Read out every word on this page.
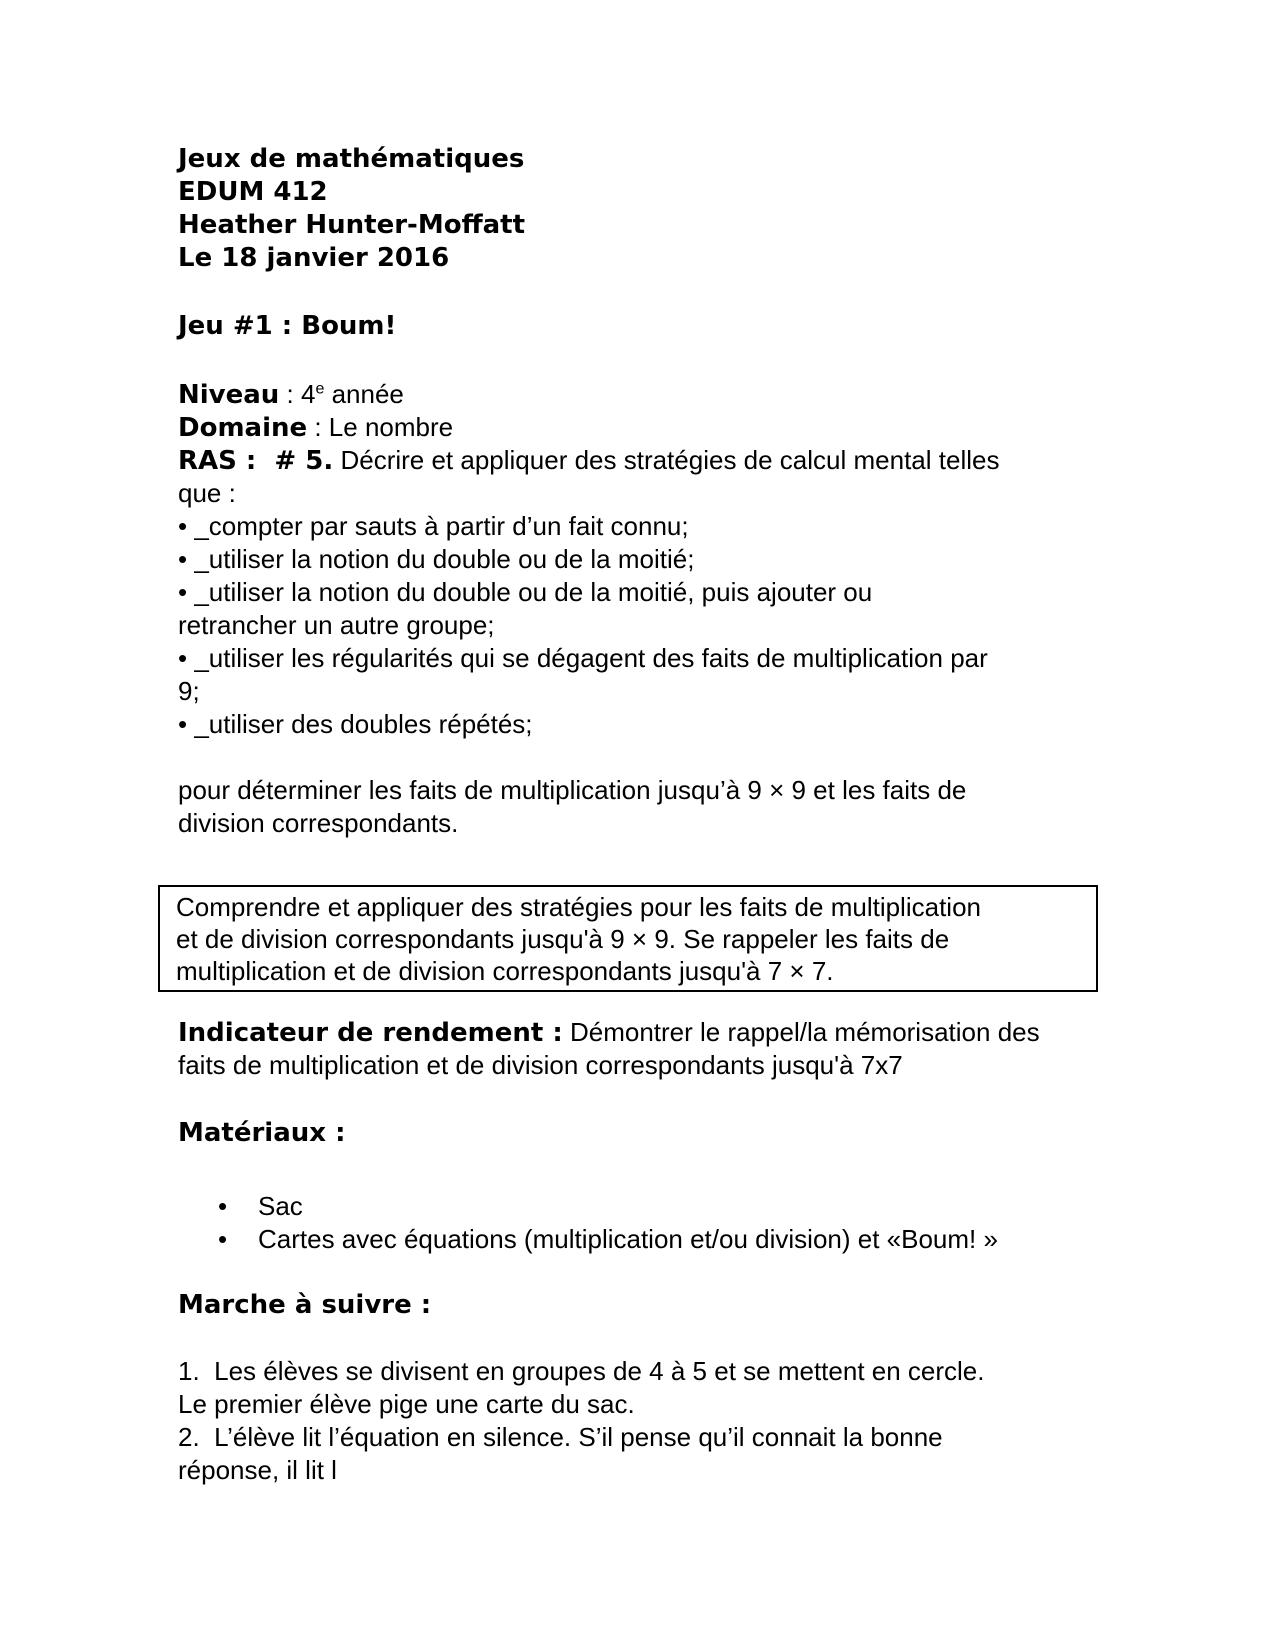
Jeux de mathématiques
EDUM 412
Heather Hunter-Moffatt
Le 18 janvier 2016
Jeu #1 : Boum!
Niveau : 4e année
Domaine : Le nombre
RAS :  # 5. Décrire et appliquer des stratégies de calcul mental telles
que :
• _compter par sauts à partir d’un fait connu;
• _utiliser la notion du double ou de la moitié;
• _utiliser la notion du double ou de la moitié, puis ajouter ou
retrancher un autre groupe;
• _utiliser les régularités qui se dégagent des faits de multiplication par
9;
• _utiliser des doubles répétés;
pour déterminer les faits de multiplication jusqu’à 9 × 9 et les faits de
division correspondants.
Comprendre et appliquer des stratégies pour les faits de multiplication
et de division correspondants jusqu'à 9 × 9. Se rappeler les faits de
multiplication et de division correspondants jusqu'à 7 × 7.
Indicateur de rendement : Démontrer le rappel/la mémorisation des
faits de multiplication et de division correspondants jusqu'à 7x7
Matériaux :
• Sac
• Cartes avec équations (multiplication et/ou division) et «Boum! »
Marche à suivre :
1.  Les élèves se divisent en groupes de 4 à 5 et se mettent en cercle.
Le premier élève pige une carte du sac.
2.  L’élève lit l’équation en silence. S’il pense qu’il connait la bonne
réponse, il lit l
